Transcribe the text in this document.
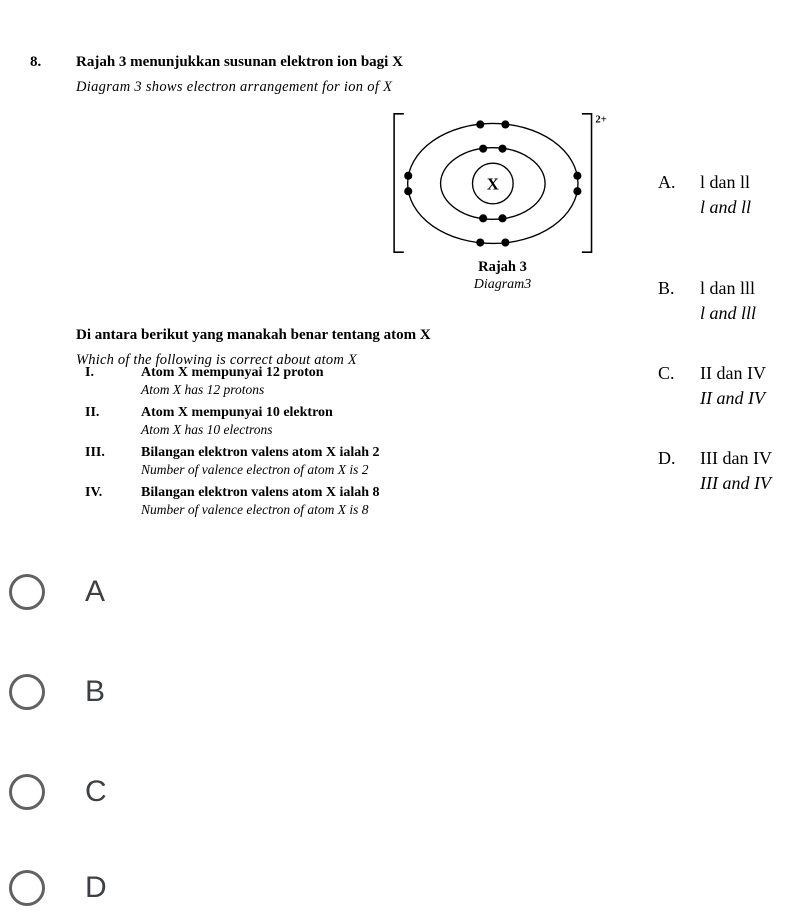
8. Rajah 3 menunjukkan susunan elektron ion bagi X
Diagram 3 shows electron arrangement for ion of X
2+
X
Rajah 3
Diagram3
Di antara berikut yang manakah benar tentang atom X
Which of the following is correct about atom X
I.	Atom X mempunyai 12 proton
Atom X has 12 protons
II.	Atom X mempunyai 10 elektron
Atom X has 10 electrons
III.	Bilangan elektron valens atom X ialah 2
Number of valence electron of atom X is 2
IV.	Bilangan elektron valens atom X ialah 8
Number of valence electron of atom X is 8
A.	l dan ll
l and ll
B.	l dan lll
l and lll
C.	II dan IV
II and IV
D.	III dan IV
III and IV
A
B
C
D
